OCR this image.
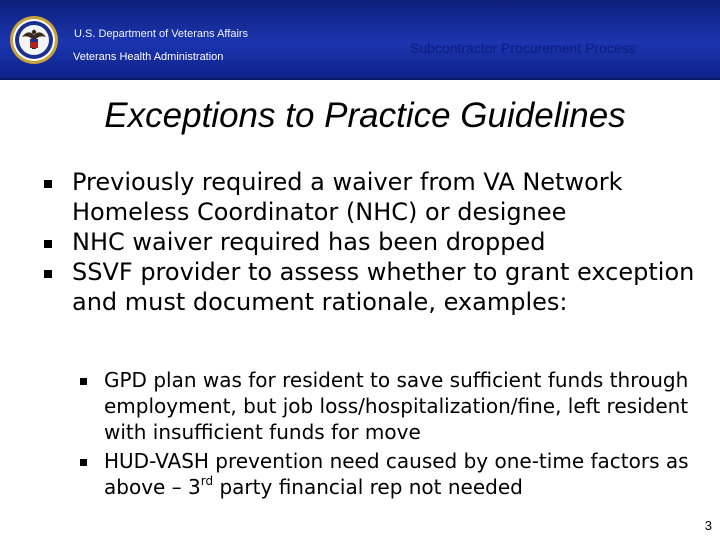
U.S. Department of Veterans Affairs
Veterans Health Administration
Subcontractor Procurement Process
Exceptions to Practice Guidelines
Previously required a waiver from VA Network Homeless Coordinator (NHC) or designee
NHC waiver required has been dropped
SSVF provider to assess whether to grant exception and must document rationale, examples:
GPD plan was for resident to save sufficient funds through employment, but job loss/hospitalization/fine, left resident with insufficient funds for move
HUD-VASH prevention need caused by one-time factors as above – 3rd party financial rep not needed
3
